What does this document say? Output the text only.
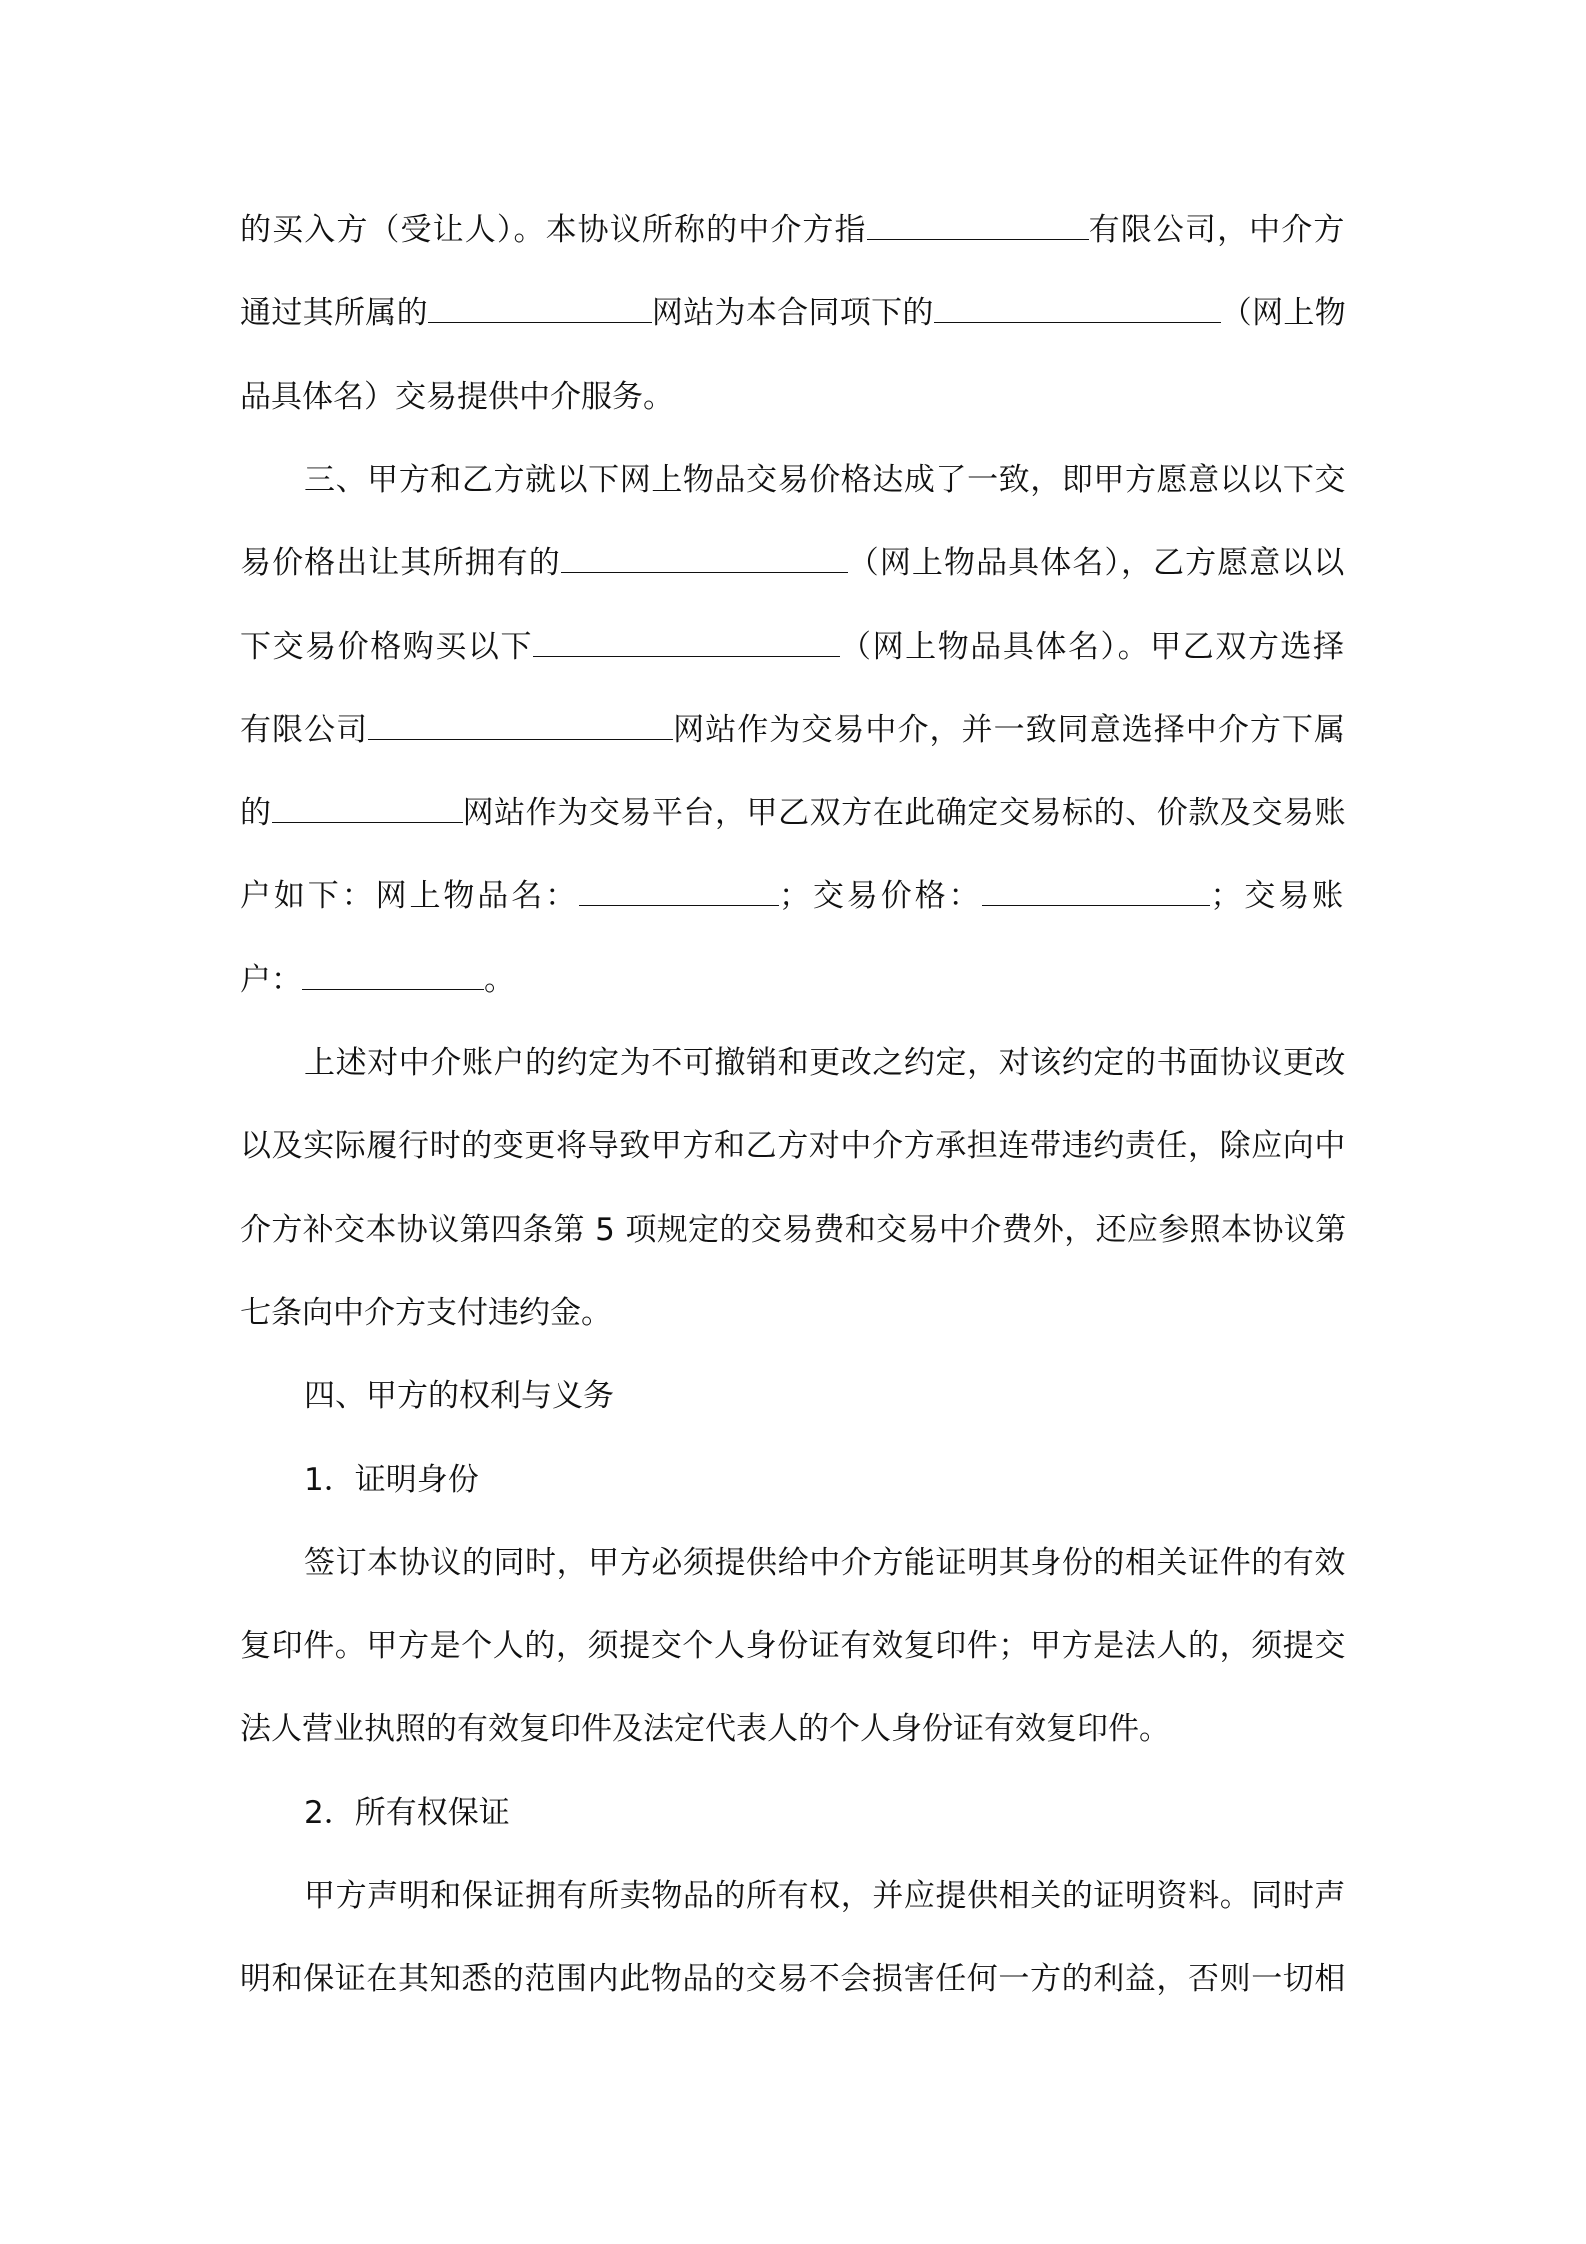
的买入方（受让人）。本协议所称的中介方指	有限公司，中介方
通过其所属的	网站为本合同项下的	（网上物
品具体名）交易提供中介服务。
三、甲方和乙方就以下网上物品交易价格达成了一致，即甲方愿意以以下交
易价格出让其所拥有的	（网上物品具体名），乙方愿意以以
下交易价格购买以下	（网上物品具体名）。甲乙双方选择
有限公司	网站作为交易中介，并一致同意选择中介方下属
的	网站作为交易平台，甲乙双方在此确定交易标的、价款及交易账
户如下：网上物品名：	；交易价格：	；交易账
户：	。
上述对中介账户的约定为不可撤销和更改之约定，对该约定的书面协议更改
以及实际履行时的变更将导致甲方和乙方对中介方承担连带违约责任，除应向中
介方补交本协议第四条第 5 项规定的交易费和交易中介费外，还应参照本协议第
七条向中介方支付违约金。
四、甲方的权利与义务
1．证明身份
签订本协议的同时，甲方必须提供给中介方能证明其身份的相关证件的有效
复印件。甲方是个人的，须提交个人身份证有效复印件；甲方是法人的，须提交
法人营业执照的有效复印件及法定代表人的个人身份证有效复印件。
2．所有权保证
甲方声明和保证拥有所卖物品的所有权，并应提供相关的证明资料。同时声
明和保证在其知悉的范围内此物品的交易不会损害任何一方的利益，否则一切相
